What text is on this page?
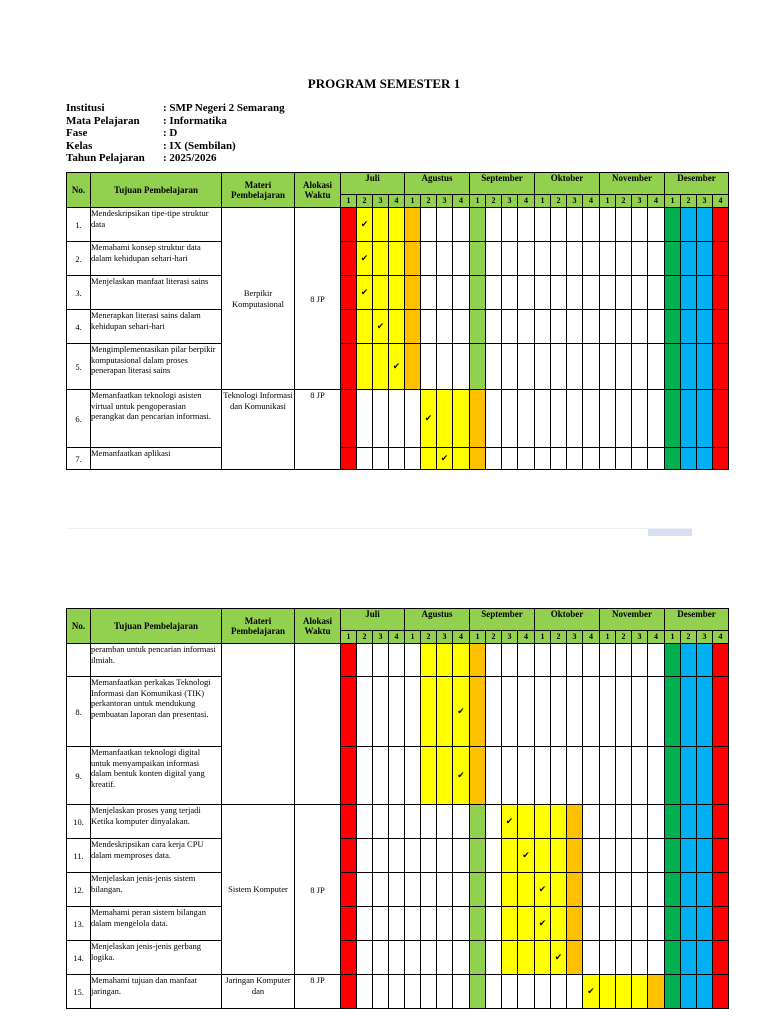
PROGRAM SEMESTER 1
Institusi	: SMP Negeri 2 Semarang
Mata Pelajaran	: Informatika
Fase	: D
Kelas	: IX (Sembilan)
Tahun Pelajaran	: 2025/2026
No.	Tujuan Pembelajaran	Materi Pembelajaran	Alokasi Waktu	Juli				Agustus				September				Oktober				November				Desember			
				1	2	3	4	1	2	3	4	1	2	3	4	1	2	3	4	1	2	3	4	1	2	3	4
1.	Mendeskripsikan tipe-tipe struktur data	Berpikir Komputasional	8 JP		✔																						
2.	Memahami konsep struktur data dalam kehidupan sehari-hari				✔																						
3.	Menjelaskan manfaat literasi sains				✔																						
4.	Menerapkan literasi sains dalam kehidupan sehari-hari					✔																					
5.	Mengimplementasikan pilar berpikir komputasional dalam proses penerapan literasi sains						✔																				
6.	Memanfaatkan teknologi asisten virtual untuk pengoperasian perangkat dan pencarian informasi.	Teknologi Informasi dan Komunikasi	8 JP						✔																		
7.	Memanfaatkan aplikasi									✔																	
No.	Tujuan Pembelajaran	Materi Pembelajaran	Alokasi Waktu	Juli				Agustus				September				Oktober				November				Desember			
				1	2	3	4	1	2	3	4	1	2	3	4	1	2	3	4	1	2	3	4	1	2	3	4
	peramban untuk pencarian informasi ilmiah.																										
8.	Memanfaatkan perkakas Teknologi Informasi dan Komunikasi (TIK) perkantoran untuk mendukung pembuatan laporan dan presentasi.										✔																
9.	Memanfaatkan teknologi digital untuk menyampaikan informasi dalam bentuk konten digital yang kreatif.										✔																
10.	Menjelaskan proses yang terjadi Ketika komputer dinyalakan.	Sistem Komputer	8 JP											✔													
11.	Mendeskripsikan cara kerja CPU dalam memproses data.														✔												
12.	Menjelaskan jenis-jenis sistem bilangan.															✔											
13.	Memahami peran sistem bilangan dalam mengelola data.															✔											
14.	Menjelaskan jenis-jenis gerbang logika.																✔										
15.	Memahami tujuan dan manfaat jaringan.	Jaringan Komputer dan	8 JP																✔								
